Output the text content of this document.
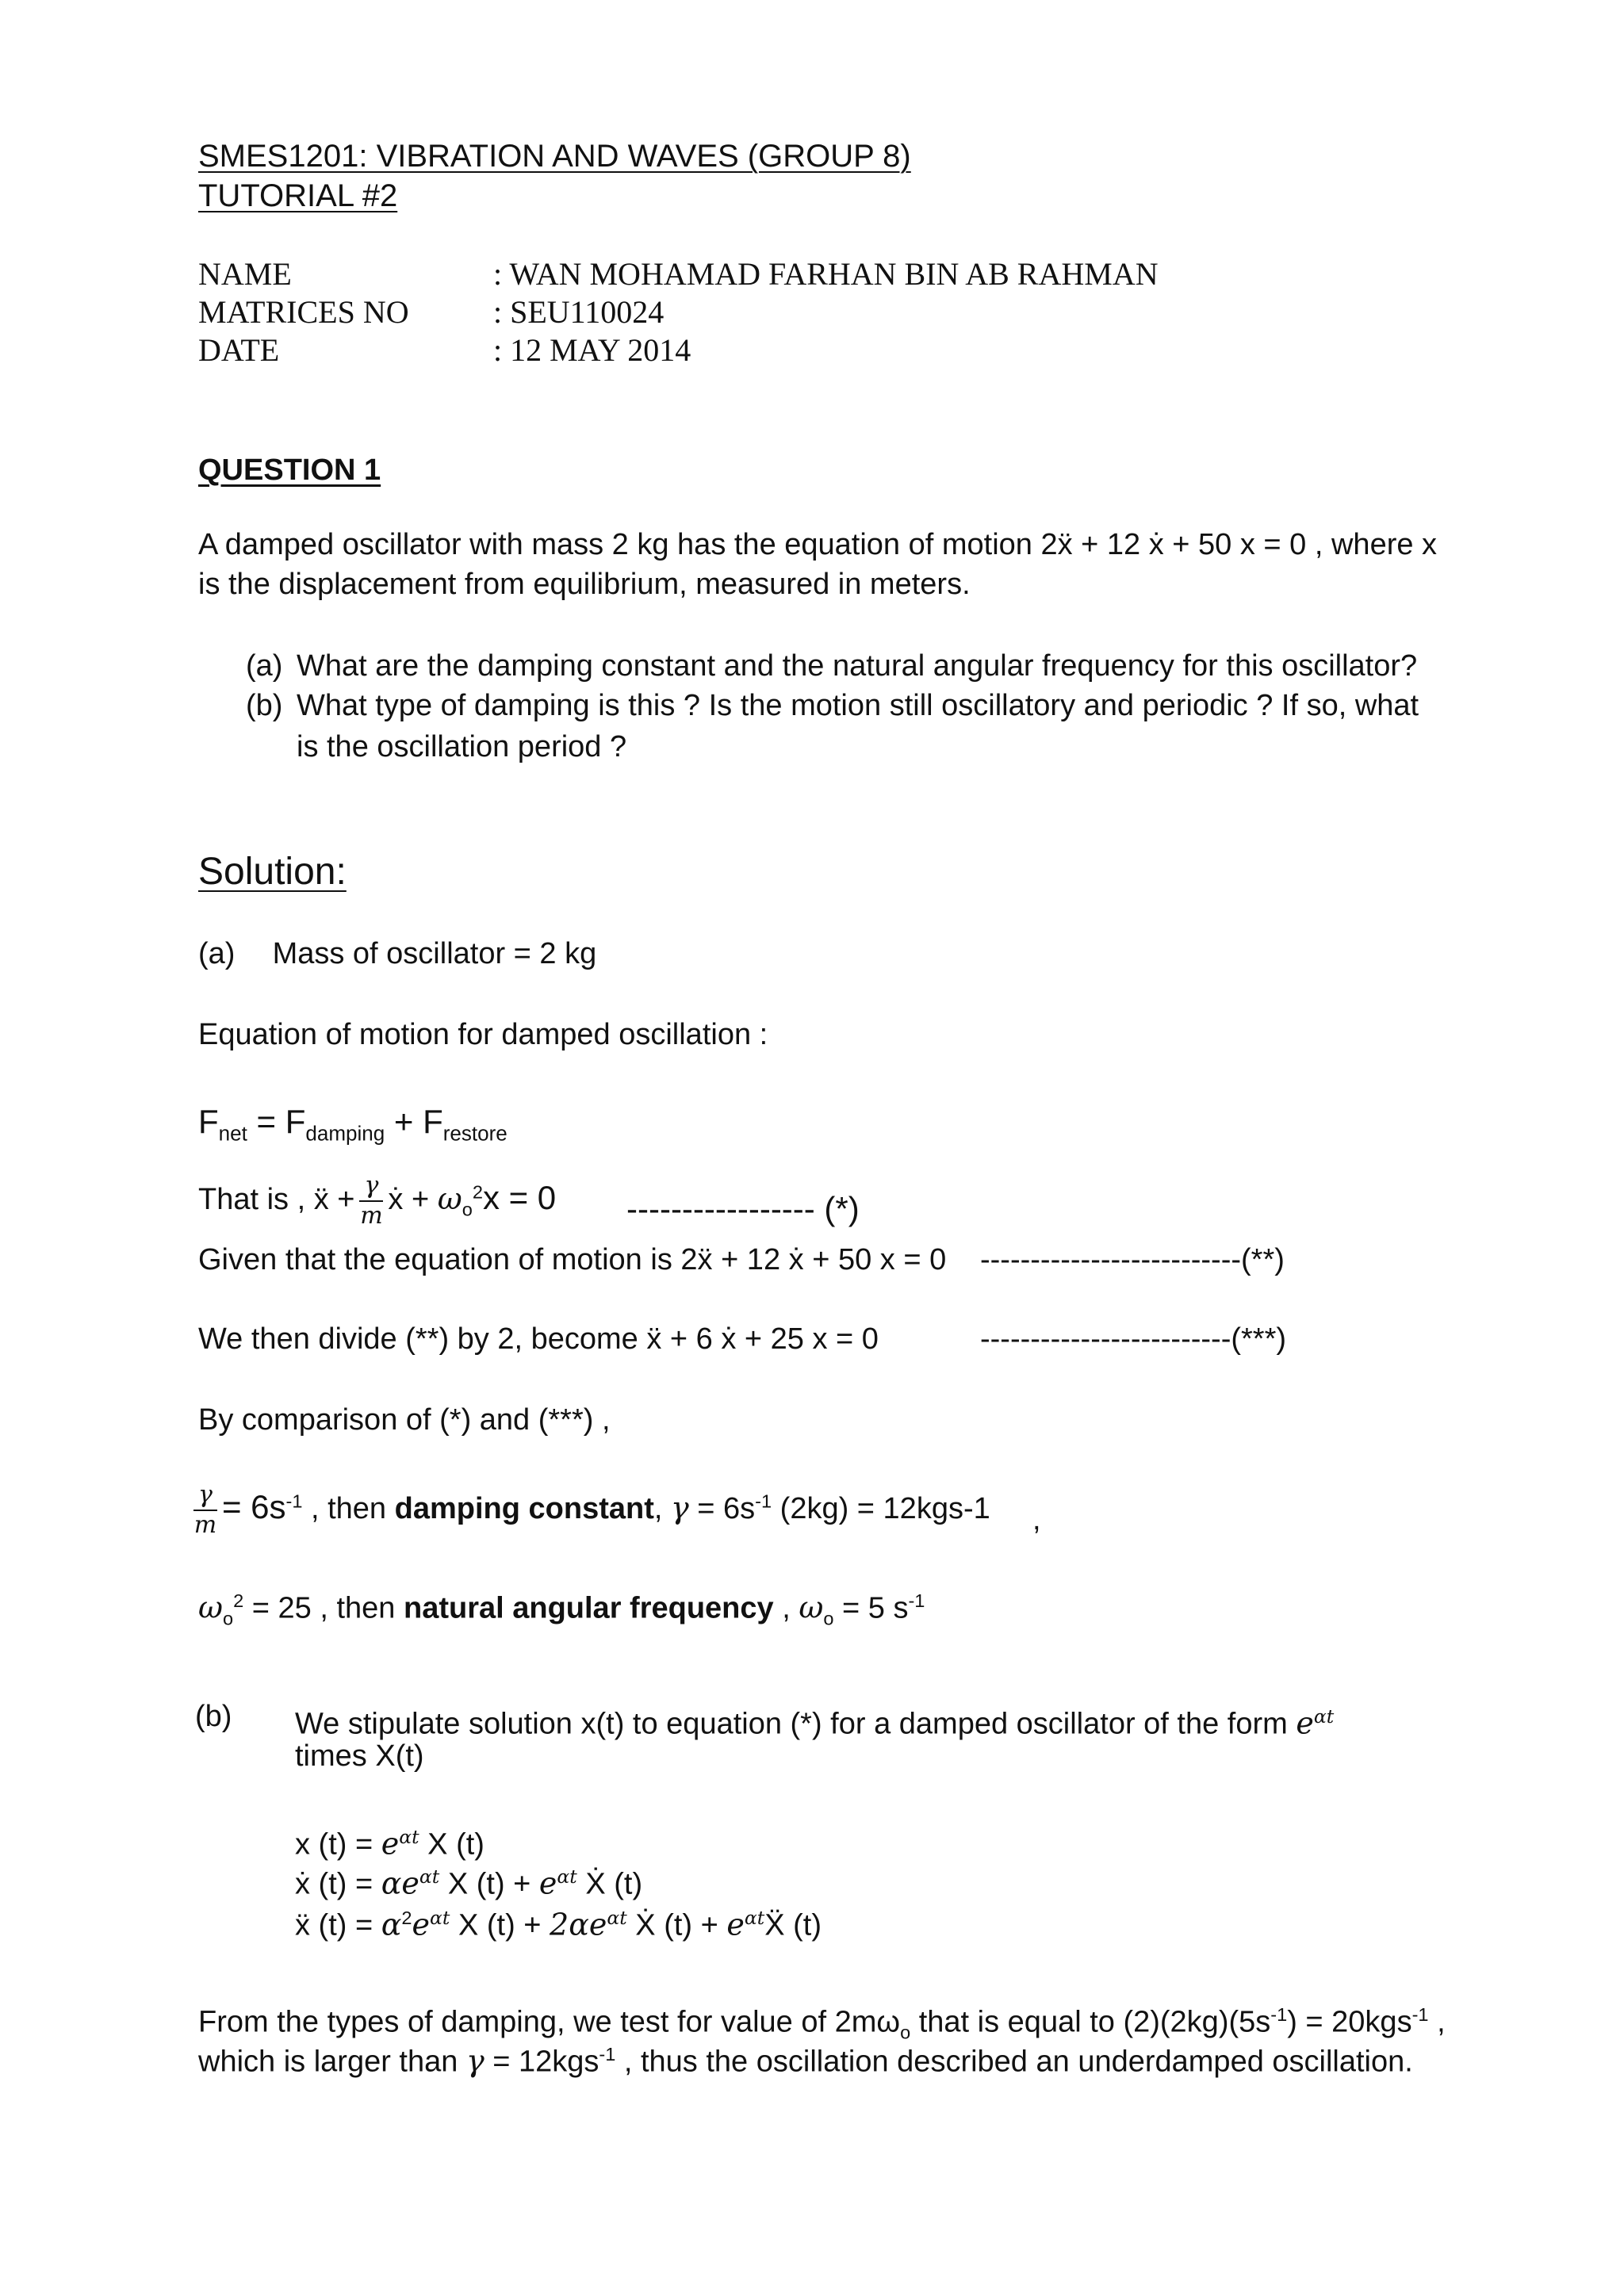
SMES1201: VIBRATION AND WAVES (GROUP 8)
TUTORIAL #2
NAME	: WAN MOHAMAD FARHAN BIN AB RAHMAN
MATRICES NO	: SEU110024
DATE	: 12 MAY 2014
QUESTION 1
A damped oscillator with mass 2 kg has the equation of motion 2ẍ + 12 ẋ + 50 x = 0 , where x
is the displacement from equilibrium, measured in meters.
(a) What are the damping constant and the natural angular frequency for this oscillator?
(b) What type of damping is this ? Is the motion still oscillatory and periodic ? If so, what
is the oscillation period ?
Solution:
(a) Mass of oscillator = 2 kg
Equation of motion for damped oscillation :
$F_{net} = F_{damping} + F_{restore}$
That is , ẍ + $\frac{\gamma}{m}$ ẋ + $\omega_o^2x = 0$ ----------------- (*)
Given that the equation of motion is 2ẍ + 12 ẋ + 50 x = 0 --------------------------(**)
We then divide (**) by 2, become ẍ + 6 ẋ + 25 x = 0	-------------------------(***)
By comparison of (*) and (***) ,
$\frac{\gamma}{m} = 6s^{-1}$ , then damping constant, $\gamma = 6s^{-1}$ (2kg) = 12kgs-1 ,
$\omega_o^2 = 25$ , then natural angular frequency , $\omega_o = 5$ $s^{-1}$
(b) We stipulate solution x(t) to equation (*) for a damped oscillator of the form $e^{\alpha t}$
times X(t)
x $(t) = e^{\alpha t}$ X (t)
ẋ $(t) = \alpha e^{\alpha t}$ X $(t) + e^{\alpha t}$ Ẋ (t)
ẍ $(t) = \alpha^2e^{\alpha t}$ X $(t) + 2\alpha e^{\alpha t}$ Ẋ $(t) + e^{\alpha t}Ẍ$ (t)
From the types of damping, we test for value of $2m\omega_o$ that is equal to $(2)(2kg)(5s^{-1}) = 20kgs^{-1}$ ,
which is larger than γ = 12kgs$^{-1}$ , thus the oscillation described an underdamped oscillation.
